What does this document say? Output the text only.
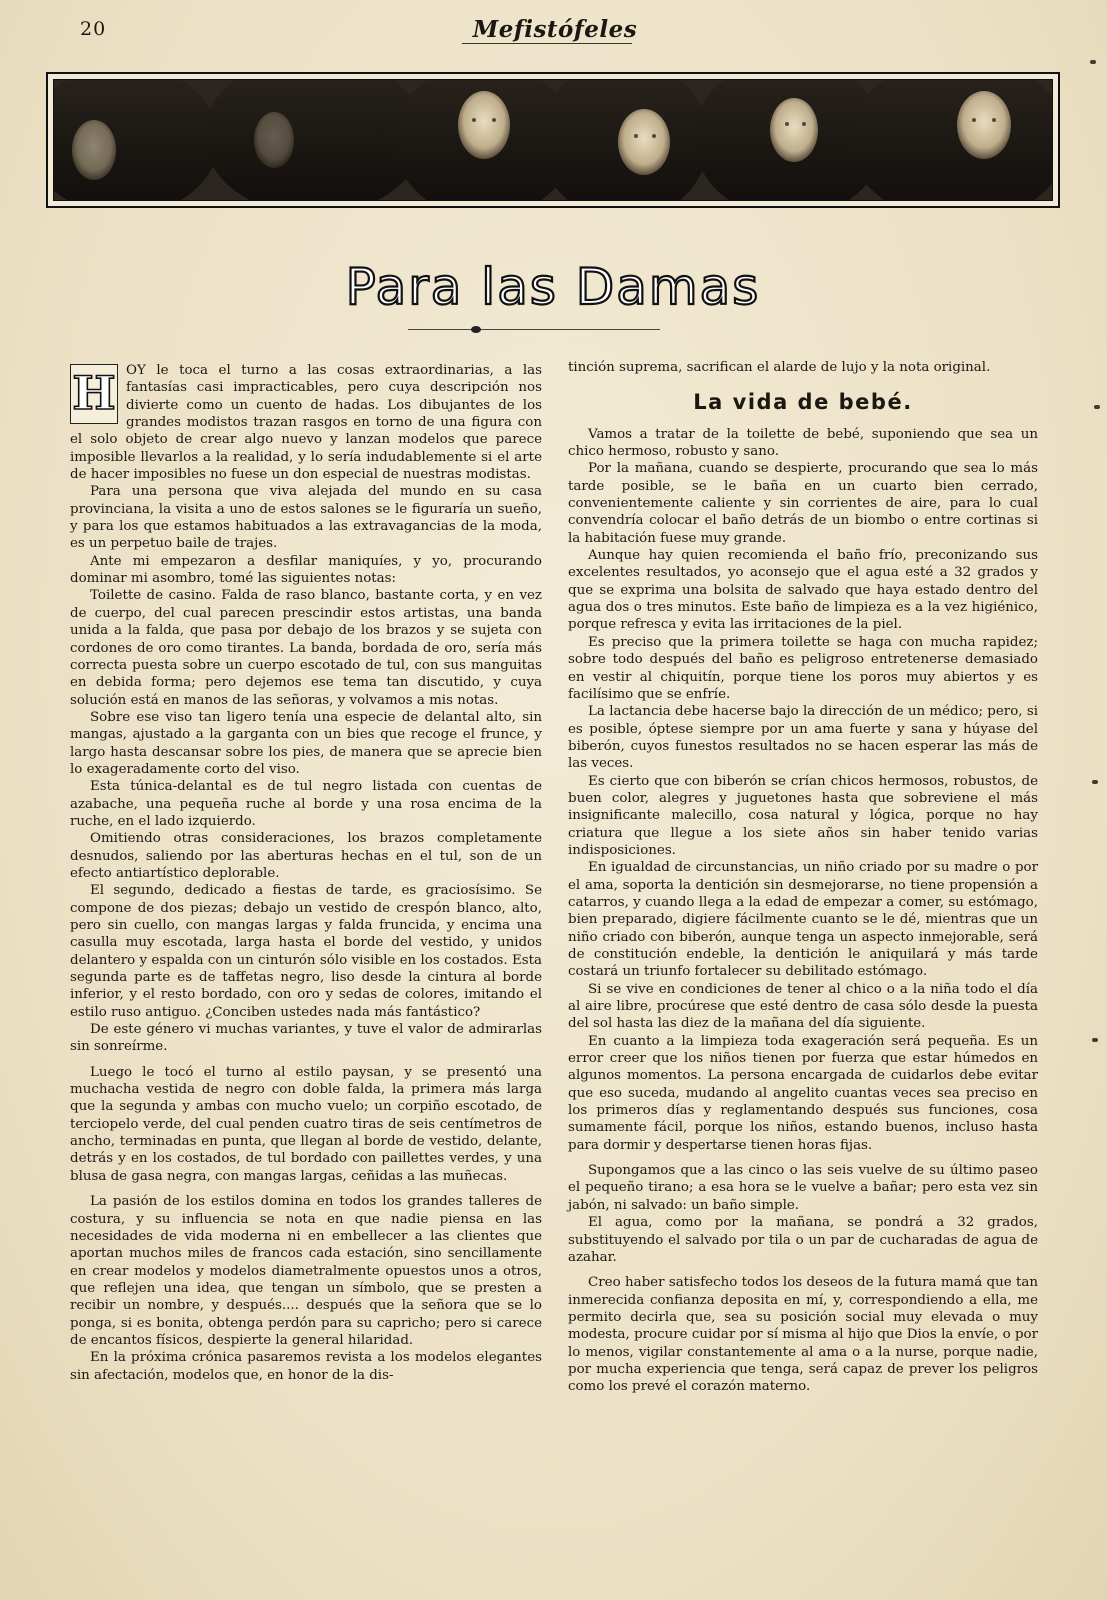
20	Mefistófeles
Para las Damas
H OY le toca el turno a las cosas extraordinarias, a las fantasías casi impracticables, pero cuya descripción nos divierte como un cuento de hadas. Los dibujantes de los grandes modistos trazan rasgos en torno de una figura con el solo objeto de crear algo nuevo y lanzan modelos que parece imposible llevarlos a la realidad, y lo sería indudablemente si el arte de hacer imposibles no fuese un don especial de nuestras modistas.

Para una persona que viva alejada del mundo en su casa provinciana, la visita a uno de estos salones se le figuraría un sueño, y para los que estamos habituados a las extravagancias de la moda, es un perpetuo baile de trajes.

Ante mi empezaron a desfilar maniquíes, y yo, procurando dominar mi asombro, tomé las siguientes notas:

Toilette de casino. Falda de raso blanco, bastante corta, y en vez de cuerpo, del cual parecen prescindir estos artistas, una banda unida a la falda, que pasa por debajo de los brazos y se sujeta con cordones de oro como tirantes. La banda, bordada de oro, sería más correcta puesta sobre un cuerpo escotado de tul, con sus manguitas en debida forma; pero dejemos ese tema tan discutido, y cuya solución está en manos de las señoras, y volvamos a mis notas.

Sobre ese viso tan ligero tenía una especie de delantal alto, sin mangas, ajustado a la garganta con un bies que recoge el frunce, y largo hasta descansar sobre los pies, de manera que se aprecie bien lo exageradamente corto del viso.

Esta túnica-delantal es de tul negro listada con cuentas de azabache, una pequeña ruche al borde y una rosa encima de la ruche, en el lado izquierdo.

Omitiendo otras consideraciones, los brazos completamente desnudos, saliendo por las aberturas hechas en el tul, son de un efecto antiartístico deplorable.

El segundo, dedicado a fiestas de tarde, es graciosísimo. Se compone de dos piezas; debajo un vestido de crespón blanco, alto, pero sin cuello, con mangas largas y falda fruncida, y encima una casulla muy escotada, larga hasta el borde del vestido, y unidos delantero y espalda con un cinturón sólo visible en los costados. Esta segunda parte es de taffetas negro, liso desde la cintura al borde inferior, y el resto bordado, con oro y sedas de colores, imitando el estilo ruso antiguo. ¿Conciben ustedes nada más fantástico?

De este género vi muchas variantes, y tuve el valor de admirarlas sin sonreírme.

Luego le tocó el turno al estilo paysan, y se presentó una muchacha vestida de negro con doble falda, la primera más larga que la segunda y ambas con mucho vuelo; un corpiño escotado, de terciopelo verde, del cual penden cuatro tiras de seis centímetros de ancho, terminadas en punta, que llegan al borde de vestido, delante, detrás y en los costados, de tul bordado con paillettes verdes, y una blusa de gasa negra, con mangas largas, ceñidas a las muñecas.

La pasión de los estilos domina en todos los grandes talleres de costura, y su influencia se nota en que nadie piensa en las necesidades de vida moderna ni en embellecer a las clientes que aportan muchos miles de francos cada estación, sino sencillamente en crear modelos y modelos diametralmente opuestos unos a otros, que reflejen una idea, que tengan un símbolo, que se presten a recibir un nombre, y después.... después que la señora que se lo ponga, si es bonita, obtenga perdón para su capricho; pero si carece de encantos físicos, despierte la general hilaridad.

En la próxima crónica pasaremos revista a los modelos elegantes sin afectación, modelos que, en honor de la dis-

tinción suprema, sacrifican el alarde de lujo y la nota original.

La vida de bebé.

Vamos a tratar de la toilette de bebé, suponiendo que sea un chico hermoso, robusto y sano.

Por la mañana, cuando se despierte, procurando que sea lo más tarde posible, se le baña en un cuarto bien cerrado, convenientemente caliente y sin corrientes de aire, para lo cual convendría colocar el baño detrás de un biombo o entre cortinas si la habitación fuese muy grande.

Aunque hay quien recomienda el baño frío, preconizando sus excelentes resultados, yo aconsejo que el agua esté a 32 grados y que se exprima una bolsita de salvado que haya estado dentro del agua dos o tres minutos. Este baño de limpieza es a la vez higiénico, porque refresca y evita las irritaciones de la piel.

Es preciso que la primera toilette se haga con mucha rapidez; sobre todo después del baño es peligroso entretenerse demasiado en vestir al chiquitín, porque tiene los poros muy abiertos y es facilísimo que se enfríe.

La lactancia debe hacerse bajo la dirección de un médico; pero, si es posible, óptese siempre por un ama fuerte y sana y húyase del biberón, cuyos funestos resultados no se hacen esperar las más de las veces.

Es cierto que con biberón se crían chicos hermosos, robustos, de buen color, alegres y juguetones hasta que sobreviene el más insignificante malecillo, cosa natural y lógica, porque no hay criatura que llegue a los siete años sin haber tenido varias indisposiciones.

En igualdad de circunstancias, un niño criado por su madre o por el ama, soporta la dentición sin desmejorarse, no tiene propensión a catarros, y cuando llega a la edad de empezar a comer, su estómago, bien preparado, digiere fácilmente cuanto se le dé, mientras que un niño criado con biberón, aunque tenga un aspecto inmejorable, será de constitución endeble, la dentición le aniquilará y más tarde costará un triunfo fortalecer su debilitado estómago.

Si se vive en condiciones de tener al chico o a la niña todo el día al aire libre, procúrese que esté dentro de casa sólo desde la puesta del sol hasta las diez de la mañana del día siguiente.

En cuanto a la limpieza toda exageración será pequeña. Es un error creer que los niños tienen por fuerza que estar húmedos en algunos momentos. La persona encargada de cuidarlos debe evitar que eso suceda, mudando al angelito cuantas veces sea preciso en los primeros días y reglamentando después sus funciones, cosa sumamente fácil, porque los niños, estando buenos, incluso hasta para dormir y despertarse tienen horas fijas.

Supongamos que a las cinco o las seis vuelve de su último paseo el pequeño tirano; a esa hora se le vuelve a bañar; pero esta vez sin jabón, ni salvado: un baño simple.

El agua, como por la mañana, se pondrá a 32 grados, substituyendo el salvado por tila o un par de cucharadas de agua de azahar.

Creo haber satisfecho todos los deseos de la futura mamá que tan inmerecida confianza deposita en mí, y, correspondiendo a ella, me permito decirla que, sea su posición social muy elevada o muy modesta, procure cuidar por sí misma al hijo que Dios la envíe, o por lo menos, vigilar constantemente al ama o a la nurse, porque nadie, por mucha experiencia que tenga, será capaz de prever los peligros como los prevé el corazón materno.
